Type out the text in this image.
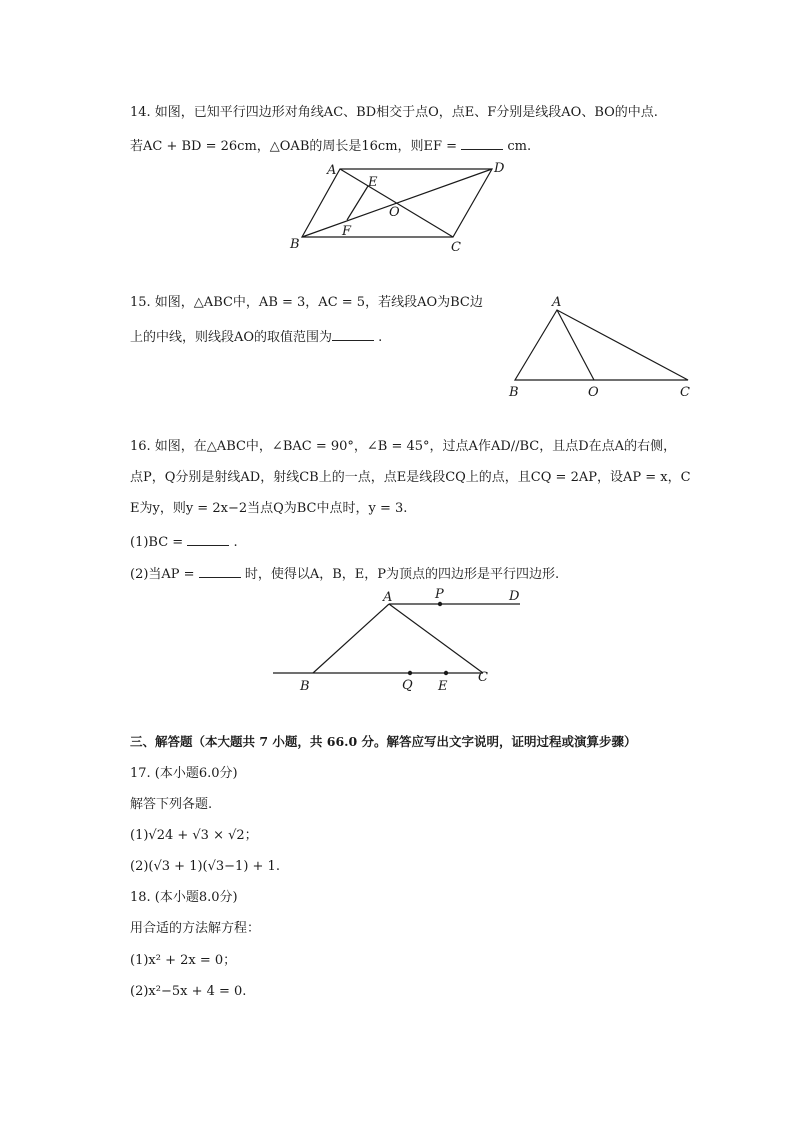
14. 如图，已知平行四边形对角线AC、BD相交于点O，点E、F分别是线段AO、BO的中点.
若AC + BD = 26cm，△OAB的周长是16cm，则EF =	cm.
A	D
E
O
F
B	C
15. 如图，△ABC中，AB = 3，AC = 5，若线段AO为BC边
上的中线，则线段AO的取值范围为	.
A
B	O	C
16. 如图，在△ABC中，∠BAC = 90°，∠B = 45°，过点A作AD//BC，且点D在点A的右侧，
点P，Q分别是射线AD，射线CB上的一点，点E是线段CQ上的点，且CQ = 2AP，设AP = x，C
E为y，则y = 2x−2当点Q为BC中点时，y = 3.
(1)BC =	.
(2)当AP =	时，使得以A，B，E，P为顶点的四边形是平行四边形.
A	P	D
B	Q E
C
三、解答题（本大题共 7 小题，共 66.0 分。解答应写出文字说明，证明过程或演算步骤）
17. (本小题6.0分)
解答下列各题.
(1)√24 + √3 × √2；
(2)(√3 + 1)(√3−1) + 1.
18. (本小题8.0分)
用合适的方法解方程：
(1)x² + 2x = 0；
(2)x²−5x + 4 = 0.
